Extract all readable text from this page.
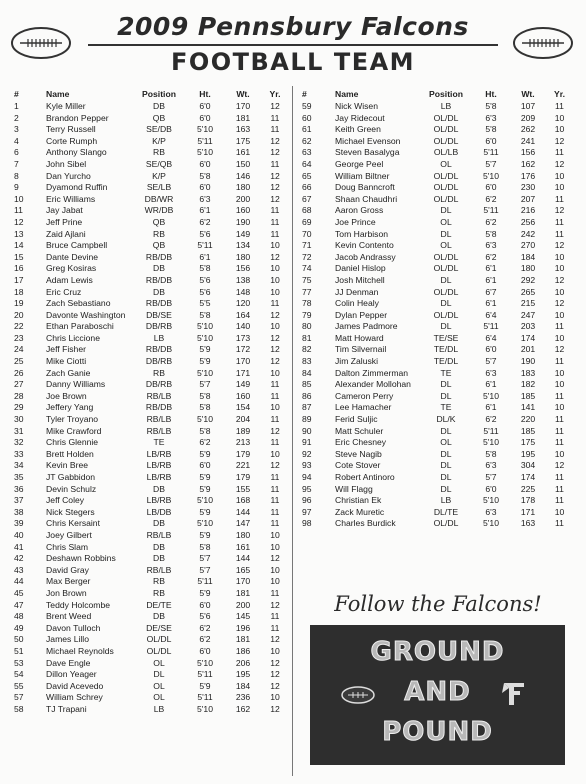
2009 Pennsbury Falcons
FOOTBALL TEAM
#	Name	Position	Ht.	Wt.	Yr.
1	Kyle Miller	DB	6'0	170	12
2	Brandon Pepper	QB	6'0	181	11
3	Terry Russell	SE/DB	5'10	163	11
4	Corte Rumph	K/P	5'11	175	12
6	Anthony Slango	RB	5'10	161	12
7	John Sibel	SE/QB	6'0	150	11
8	Dan Yurcho	K/P	5'8	146	12
9	Dyamond Ruffin	SE/LB	6'0	180	12
10	Eric Williams	DB/WR	6'3	200	12
11	Jay Jabat	WR/DB	6'1	160	11
12	Jeff Prine	QB	6'2	190	11
13	Zaid Ajlani	RB	5'6	149	11
14	Bruce Campbell	QB	5'11	134	10
15	Dante Devine	RB/DB	6'1	180	12
16	Greg Kosiras	DB	5'8	156	10
17	Adam Lewis	RB/DB	5'6	138	10
18	Eric Cruz	DB	5'6	148	10
19	Zach Sebastiano	RB/DB	5'5	120	11
20	Davonte Washington	DB/SE	5'8	164	12
22	Ethan Paraboschi	DB/RB	5'10	140	10
23	Chris Liccione	LB	5'10	173	12
24	Jeff Fisher	RB/DB	5'9	172	12
25	Mike Ciotti	DB/RB	5'9	170	12
26	Zach Ganie	RB	5'10	171	10
27	Danny Williams	DB/RB	5'7	149	11
28	Joe Brown	RB/LB	5'8	160	11
29	Jeffery Yang	RB/DB	5'8	154	10
30	Tyler Troyano	RB/LB	5'10	204	11
31	Mike Crawford	RB/LB	5'8	189	12
32	Chris Glennie	TE	6'2	213	11
33	Brett Holden	LB/RB	5'9	179	10
34	Kevin Bree	LB/RB	6'0	221	12
35	JT Gabbidon	LB/RB	5'9	179	11
36	Devin Schulz	DB	5'9	155	11
37	Jeff Coley	LB/RB	5'10	168	11
38	Nick Stegers	LB/DB	5'9	144	11
39	Chris Kersaint	DB	5'10	147	11
40	Joey Gilbert	RB/LB	5'9	180	10
41	Chris Slam	DB	5'8	161	10
42	Deshawn Robbins	DB	5'7	144	12
43	David Gray	RB/LB	5'7	165	10
44	Max Berger	RB	5'11	170	10
45	Jon Brown	RB	5'9	181	11
47	Teddy Holcombe	DE/TE	6'0	200	12
48	Brent Weed	DB	5'6	145	11
49	Davon Tulloch	DE/SE	6'2	196	11
50	James Lillo	OL/DL	6'2	181	12
51	Michael Reynolds	OL/DL	6'0	186	10
53	Dave Engle	OL	5'10	206	12
54	Dillon Yeager	DL	5'11	195	12
55	David Acevedo	OL	5'9	184	12
57	William Schrey	OL	5'11	236	10
58	TJ Trapani	LB	5'10	162	12
#	Name	Position	Ht.	Wt.	Yr.
59	Nick Wisen	LB	5'8	107	11
60	Jay Ridecout	OL/DL	6'3	209	10
61	Keith Green	OL/DL	5'8	262	10
62	Michael Evenson	OL/DL	6'0	241	12
63	Steven Basalyga	OL/LB	5'11	156	11
64	George Peel	OL	5'7	162	12
65	William Biltner	OL/DL	5'10	176	10
66	Doug Banncroft	OL/DL	6'0	230	10
67	Shaan Chaudhri	OL/DL	6'2	207	11
68	Aaron Gross	DL	5'11	216	12
69	Joe Prince	OL	6'2	256	11
70	Tom Harbison	DL	5'8	242	11
71	Kevin Contento	OL	6'3	270	12
72	Jacob Andrassy	OL/DL	6'2	184	10
74	Daniel Hislop	OL/DL	6'1	180	10
75	Josh Mitchell	DL	6'1	292	12
77	JJ Denman	OL/DL	6'7	265	10
78	Colin Healy	DL	6'1	215	12
79	Dylan Pepper	OL/DL	6'4	247	10
80	James Padmore	DL	5'11	203	11
81	Matt Howard	TE/SE	6'4	174	10
82	Tim Silvernail	TE/DL	6'0	201	12
83	Jim Zaluski	TE/DL	5'7	190	11
84	Dalton Zimmerman	TE	6'3	183	10
85	Alexander Mollohan	DL	6'1	182	10
86	Cameron Perry	DL	5'10	185	11
87	Lee Hamacher	TE	6'1	141	10
89	Ferid Suljic	DL/K	6'2	220	11
90	Matt Schuler	DL	5'11	185	11
91	Eric Chesney	OL	5'10	175	11
92	Steve Nagib	DL	5'8	195	10
93	Cote Stover	DL	6'3	304	12
94	Robert Antinoro	DL	5'7	174	11
95	Will Flagg	DL	6'0	225	11
96	Christian Ek	LB	5'10	178	11
97	Zack Muretic	DL/TE	6'3	171	10
98	Charles Burdick	OL/DL	5'10	163	11
Follow the Falcons!
GROUND
AND
POUND
